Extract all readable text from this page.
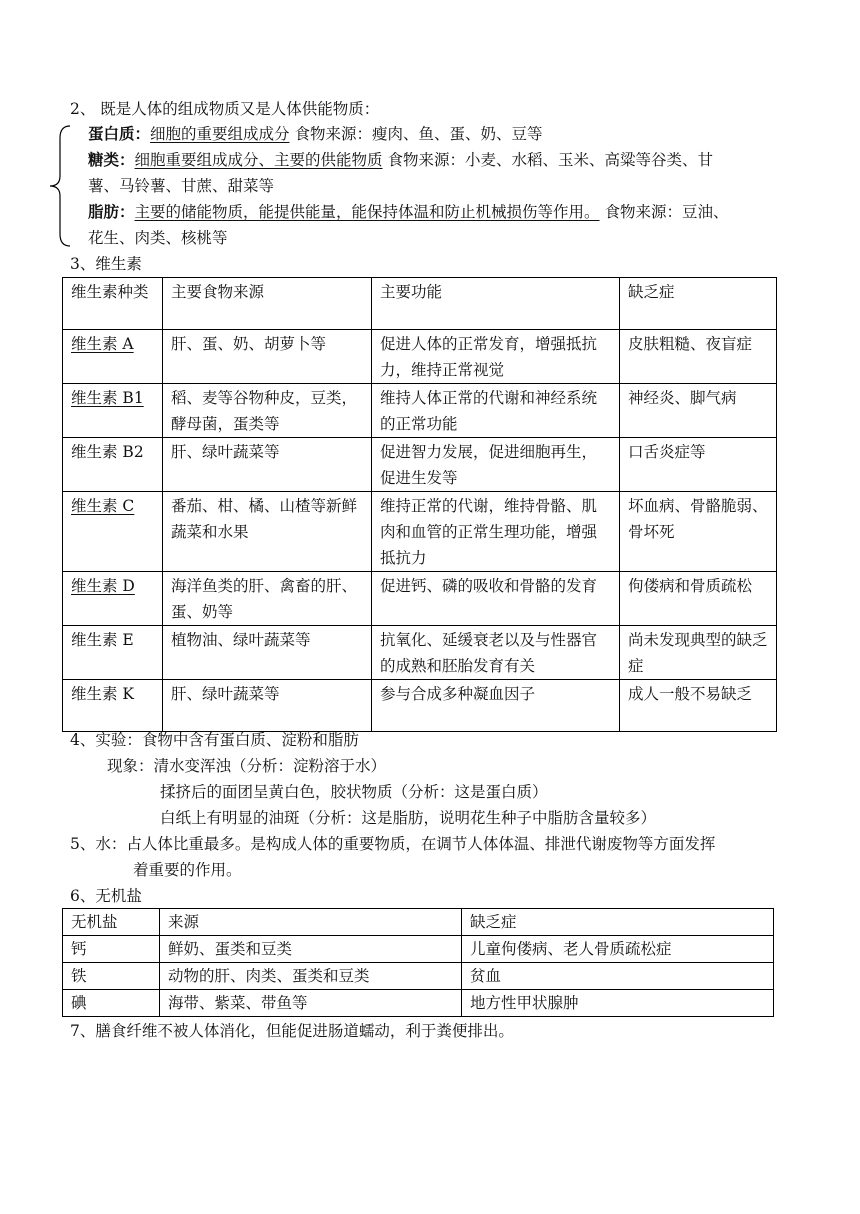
2、 既是人体的组成物质又是人体供能物质：
蛋白质：细胞的重要组成成分 食物来源：瘦肉、鱼、蛋、奶、豆等
糖类：细胞重要组成成分、主要的供能物质 食物来源：小麦、水稻、玉米、高粱等谷类、甘
薯、马铃薯、甘蔗、甜菜等
脂肪：主要的储能物质，能提供能量，能保持体温和防止机械损伤等作用。 食物来源：豆油、
花生、肉类、核桃等
3、维生素
维生素种类	主要食物来源	主要功能	缺乏症
维生素 A	肝、蛋、奶、胡萝卜等	促进人体的正常发育，增强抵抗力，维持正常视觉	皮肤粗糙、夜盲症
维生素 B1	稻、麦等谷物种皮，豆类，酵母菌，蛋类等	维持人体正常的代谢和神经系统的正常功能	神经炎、脚气病
维生素 B2	肝、绿叶蔬菜等	促进智力发展，促进细胞再生，促进生发等	口舌炎症等
维生素 C	番茄、柑、橘、山楂等新鲜蔬菜和水果	维持正常的代谢，维持骨骼、肌肉和血管的正常生理功能，增强抵抗力	坏血病、骨骼脆弱、骨坏死
维生素 D	海洋鱼类的肝、禽畜的肝、蛋、奶等	促进钙、磷的吸收和骨骼的发育	佝偻病和骨质疏松
维生素 E	植物油、绿叶蔬菜等	抗氧化、延缓衰老以及与性器官的成熟和胚胎发育有关	尚未发现典型的缺乏症
维生素 K	肝、绿叶蔬菜等	参与合成多种凝血因子	成人一般不易缺乏
4、实验：食物中含有蛋白质、淀粉和脂肪
现象：清水变浑浊（分析：淀粉溶于水）
揉挤后的面团呈黄白色，胶状物质（分析：这是蛋白质）
白纸上有明显的油斑（分析：这是脂肪，说明花生种子中脂肪含量较多）
5、水：占人体比重最多。是构成人体的重要物质，在调节人体体温、排泄代谢废物等方面发挥
着重要的作用。
6、无机盐
无机盐	来源	缺乏症
钙	鲜奶、蛋类和豆类	儿童佝偻病、老人骨质疏松症
铁	动物的肝、肉类、蛋类和豆类	贫血
碘	海带、紫菜、带鱼等	地方性甲状腺肿
7、膳食纤维不被人体消化，但能促进肠道蠕动，利于粪便排出。
